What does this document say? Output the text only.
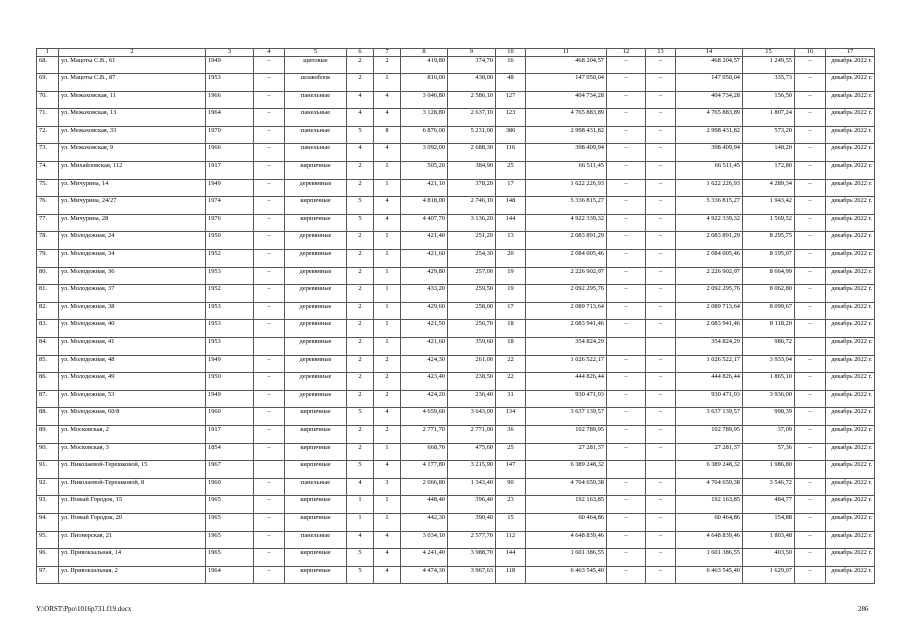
1	2	3	4	5	6	7	8	9	10	11	12	13	14	15	16	17
68.	ул. Мацоты С.В., 61	1949	–	щитовые	2	2	419,80	374,70	16	468 204,57	–	–	468 204,57	1 249,55	–	декабрь 2022 г.
69.	ул. Мацоты С.В., 87	1953	–	шлакоблок	2	1	810,00	438,00	48	147 050,04	–	–	147 050,04	335,73	–	декабрь 2022 г.
70.	ул. Межаховская, 11	1966	–	панельные	4	4	3 046,80	2 586,10	127	404 734,28	–	–	404 734,28	156,50	–	декабрь 2022 г.
71.	ул. Межаховская, 13	1964	–	панельные	4	4	3 128,80	2 637,10	123	4 765 883,89	–	–	4 765 883,89	1 807,24	–	декабрь 2022 г.
72.	ул. Межаховская, 33	1970	–	панельные	5	8	6 876,00	5 231,00	386	2 998 431,82	–	–	2 998 431,82	573,20	–	декабрь 2022 г.
73.	ул. Межаховская, 9	1966	–	панельные	4	4	3 092,00	2 688,30	116	398 409,94	–	–	398 409,94	148,20	–	декабрь 2022 г.
74.	ул. Михайловская, 112	1917	–	кирпичные	2	1	505,20	384,90	25	66 511,45	–	–	66 511,45	172,80	–	декабрь 2022 г.
75.	ул. Мичурина, 14	1949	–	деревянные	2	1	421,10	378,20	17	1 622 226,93	–	–	1 622 226,93	4 289,34	–	декабрь 2022 г.
76.	ул. Мичурина, 24/27	1974	–	кирпичные	5	4	4 818,00	2 746,10	148	5 336 815,27	–	–	5 336 815,27	1 943,42	–	декабрь 2022 г.
77.	ул. Мичурина, 28	1976	–	кирпичные	5	4	4 407,70	3 136,20	144	4 922 339,32	–	–	4 922 339,32	1 569,52	–	декабрь 2022 г.
78.	ул. Молодежная, 24	1950	–	деревянные	2	1	421,40	251,20	13	2 083 891,29	–	–	2 083 891,29	8 295,75	–	декабрь 2022 г.
79.	ул. Молодежная, 34	1952	–	деревянные	2	1	421,60	254,30	20	2 084 005,46	–	–	2 084 005,46	8 195,07	–	декабрь 2022 г.
80.	ул. Молодежная, 36	1953	–	деревянные	2	1	429,80	257,00	19	2 226 902,97	–	–	2 226 902,97	8 664,99	–	декабрь 2022 г.
81.	ул. Молодежная, 37	1952	–	деревянные	2	1	433,20	259,50	19	2 092 295,76	–	–	2 092 295,76	8 062,80	–	декабрь 2022 г.
82.	ул. Молодежная, 38	1953	–	деревянные	2	1	429,60	258,00	17	2 089 713,64	–	–	2 089 713,64	8 099,67	–	декабрь 2022 г.
83.	ул. Молодежная, 40	1953	–	деревянные	2	1	421,50	256,70	18	2 083 941,46	–	–	2 083 941,46	8 118,20	–	декабрь 2022 г.
84.	ул. Молодежная, 41	1953		деревянные	2	1	421,60	359,60	18	354 824,29			354 824,29	986,72		декабрь 2022 г.
85.	ул. Молодежная, 48	1949	–	деревянные	2	2	424,30	261,00	22	1 026 522,17	–	–	1 026 522,17	3 933,04	–	декабрь 2022 г.
86.	ул. Молодежная, 49	1950	–	деревянные	2	2	423,40	238,50	22	444 826,44	–	–	444 826,44	1 865,10	–	декабрь 2022 г.
87.	ул. Молодежная, 53	1949	–	деревянные	2	2	424,20	236,40	31	930 471,03	–	–	930 471,03	3 936,00	–	декабрь 2022 г.
88.	ул. Молодежная, 60/8	1960	–	кирпичные	5	4	4 659,60	3 643,00	134	3 637 139,57	–	–	3 637 139,57	998,39	–	декабрь 2022 г.
89.	ул. Московская, 2	1917	–	кирпичные	2	2	2 771,70	2 771,00	36	102 789,95	–	–	102 789,95	37,09	–	декабрь 2022 г.
90.	ул. Московская, 3	1854	–	кирпичные	2	1	668,70	475,60	25	27 281,37	–	–	27 281,37	57,36	–	декабрь 2022 г.
91.	ул. Николаевой-Терешковой, 15	1967		кирпичные	5	4	4 177,80	3 215,90	147	6 389 248,32			6 389 248,32	1 986,80		декабрь 2022 г.
92.	ул. Николаевой-Терешковой, 8	1960	–	панельные	4	3	2 066,80	1 343,40	90	4 764 659,38	–	–	4 764 659,38	3 546,72	–	декабрь 2022 г.
93.	ул. Новый Городок, 15	1965	–	кирпичные	1	1	448,40	396,40	23	192 163,85	–	–	192 163,85	484,77	–	декабрь 2022 г.
94.	ул. Новый Городок, 20	1965	–	кирпичные	1	1	442,30	390,40	15	60 464,86	–	–	60 464,86	154,88	–	декабрь 2022 г.
95.	ул. Пионерская, 21	1965	–	панельные	4	4	3 034,10	2 577,70	112	4 648 839,46	–	–	4 648 839,46	1 803,48	–	декабрь 2022 г.
96.	ул. Привокзальная, 14	1965	–	кирпичные	5	4	4 241,40	3 988,70	144	1 601 386,55	–	–	1 601 386,55	403,50	–	декабрь 2022 г.
97.	ул. Привокзальная, 2	1964	–	кирпичные	5	4	4 474,30	3 967,63	118	6 463 545,40	–	–	6 463 545,40	1 629,07	–	декабрь 2022 г.
Y:\ORST\Ppo\1016p731.f19.docx	286
